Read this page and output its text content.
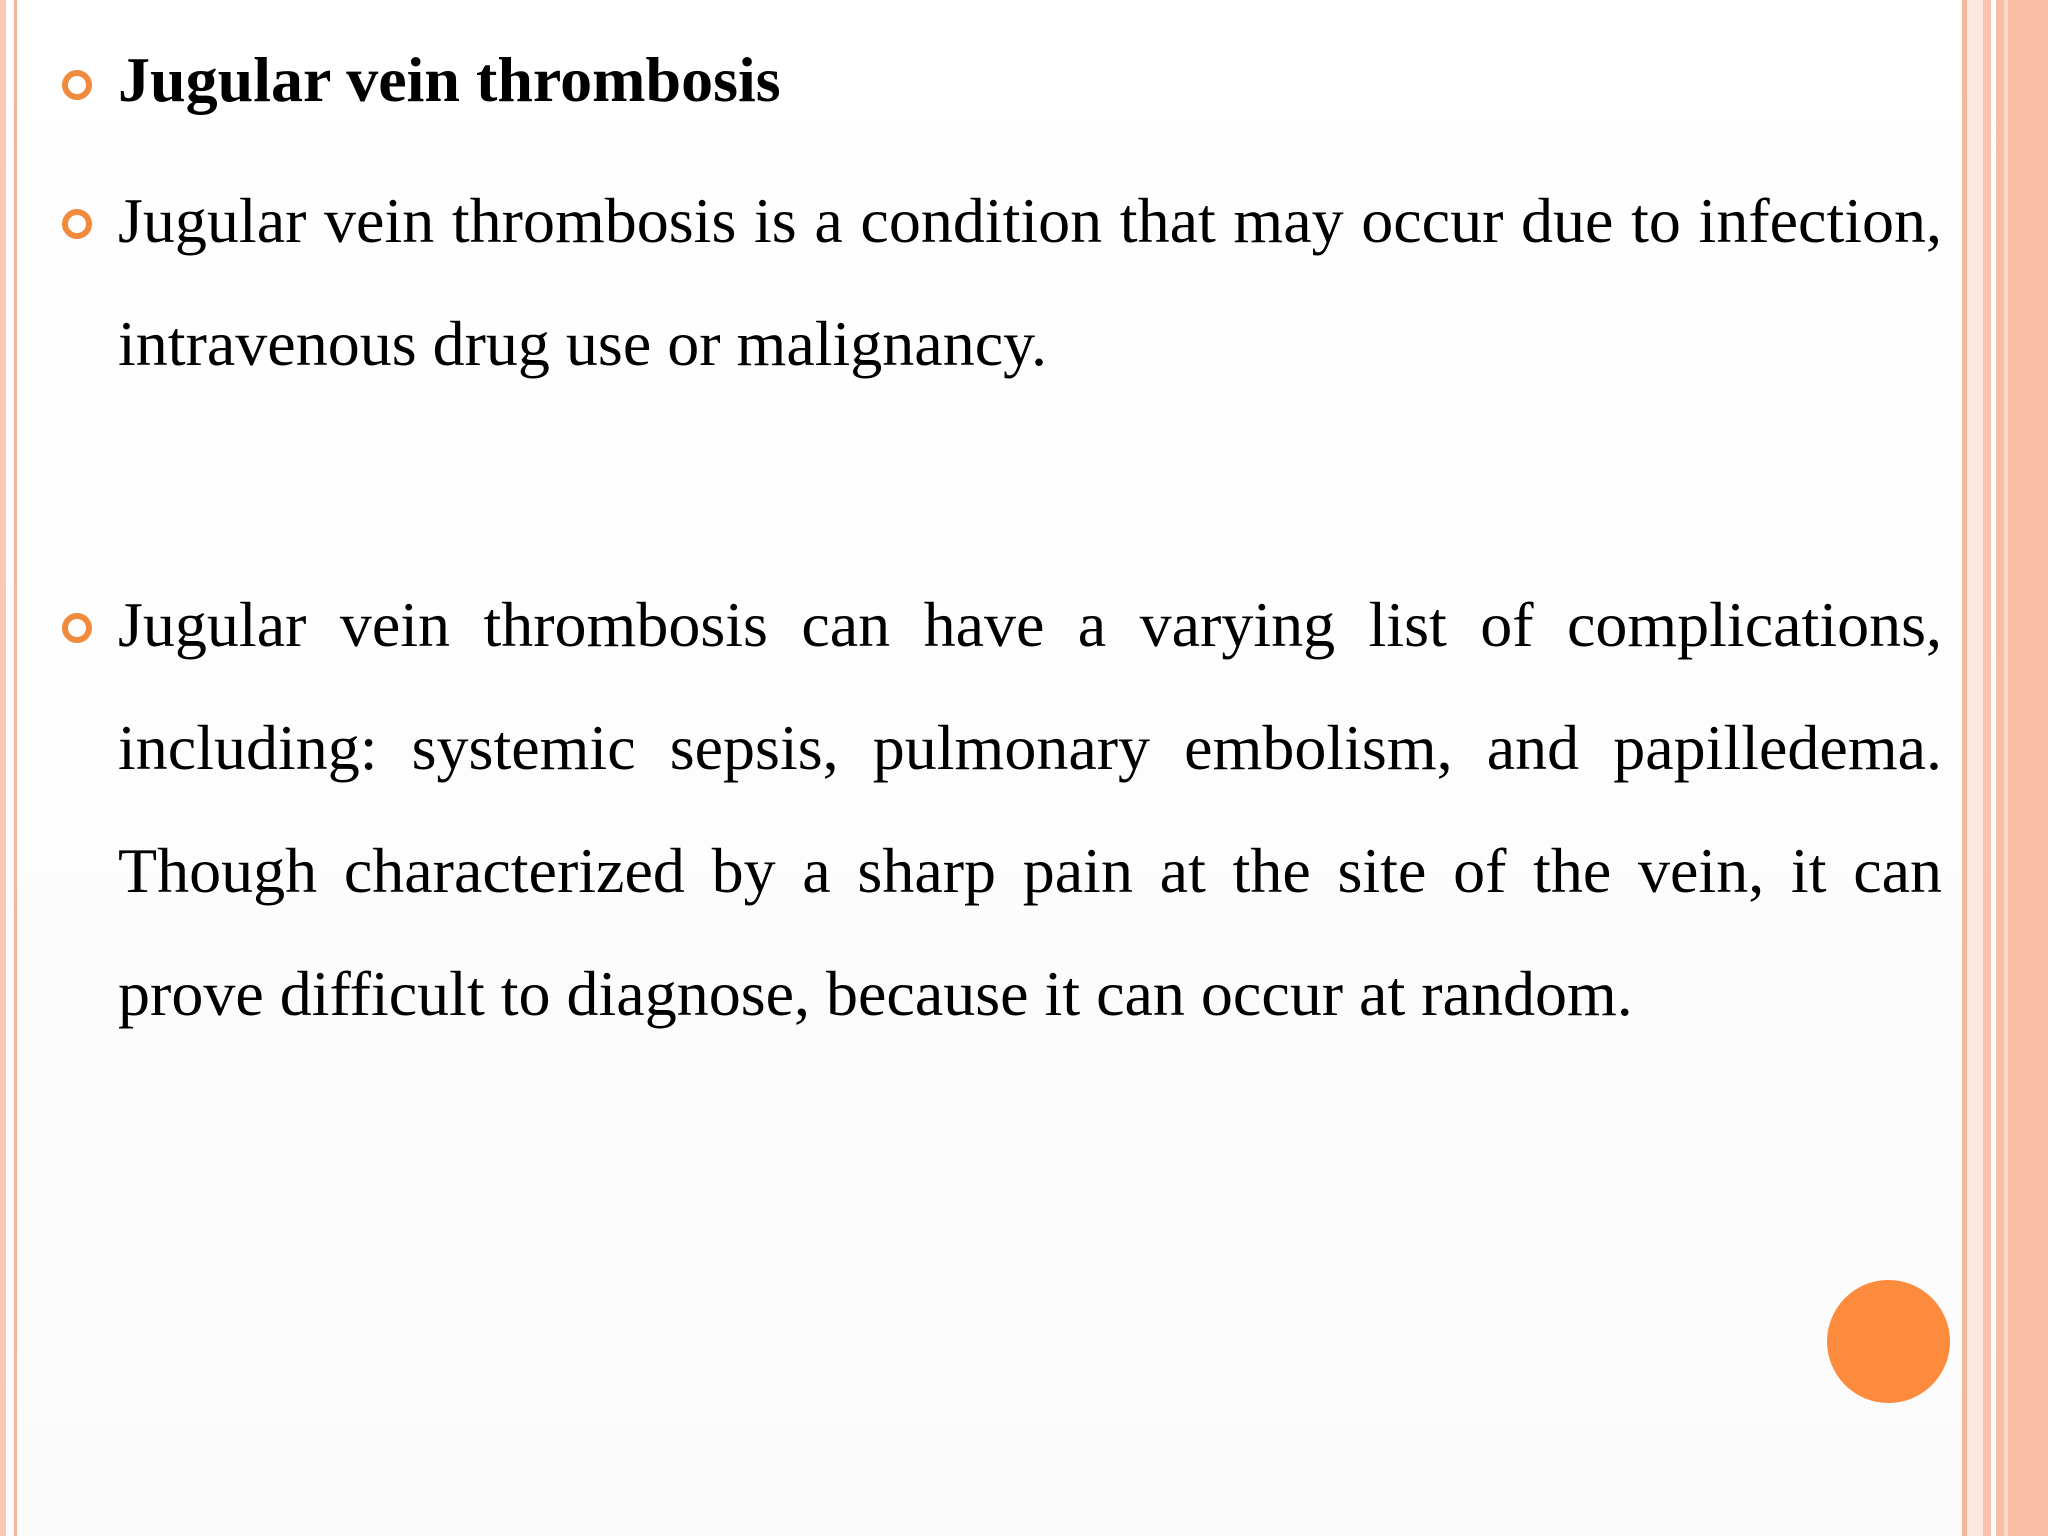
Jugular vein thrombosis
Jugular vein thrombosis is a condition that may occur due to infection, intravenous drug use or malignancy.
Jugular vein thrombosis can have a varying list of complications, including: systemic sepsis, pulmonary embolism, and papilledema. Though characterized by a sharp pain at the site of the vein, it can prove difficult to diagnose, because it can occur at random.
